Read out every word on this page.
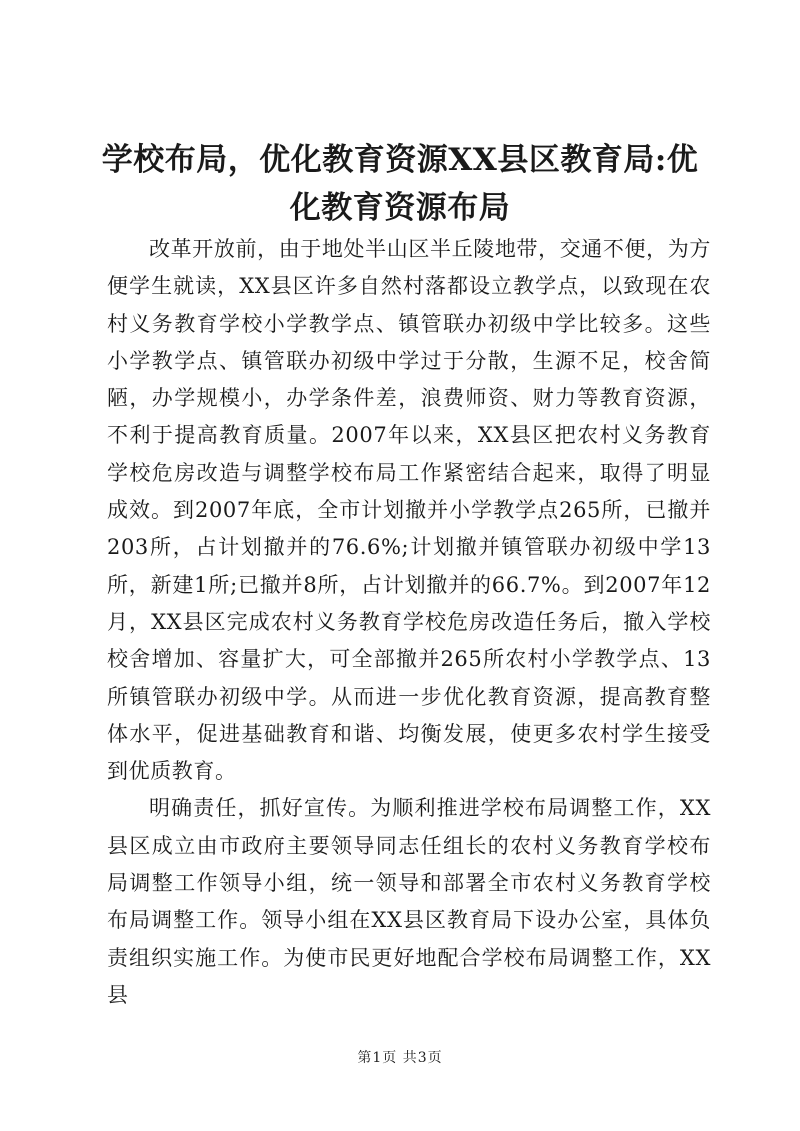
学校布局，优化教育资源XX县区教育局:优化教育资源布局

改革开放前，由于地处半山区半丘陵地带，交通不便，为方便学生就读，XX县区许多自然村落都设立教学点，以致现在农村义务教育学校小学教学点、镇管联办初级中学比较多。这些小学教学点、镇管联办初级中学过于分散，生源不足，校舍简陋，办学规模小，办学条件差，浪费师资、财力等教育资源，不利于提高教育质量。2007年以来，XX县区把农村义务教育学校危房改造与调整学校布局工作紧密结合起来，取得了明显成效。到2007年底，全市计划撤并小学教学点265所，已撤并203所，占计划撤并的76.6%;计划撤并镇管联办初级中学13所，新建1所;已撤并8所，占计划撤并的66.7%。到2007年12月，XX县区完成农村义务教育学校危房改造任务后，撤入学校校舍增加、容量扩大，可全部撤并265所农村小学教学点、13所镇管联办初级中学。从而进一步优化教育资源，提高教育整体水平，促进基础教育和谐、均衡发展，使更多农村学生接受到优质教育。

明确责任，抓好宣传。为顺利推进学校布局调整工作，XX县区成立由市政府主要领导同志任组长的农村义务教育学校布局调整工作领导小组，统一领导和部署全市农村义务教育学校布局调整工作。领导小组在XX县区教育局下设办公室，具体负责组织实施工作。为使市民更好地配合学校布局调整工作，XX县

第1页 共3页
